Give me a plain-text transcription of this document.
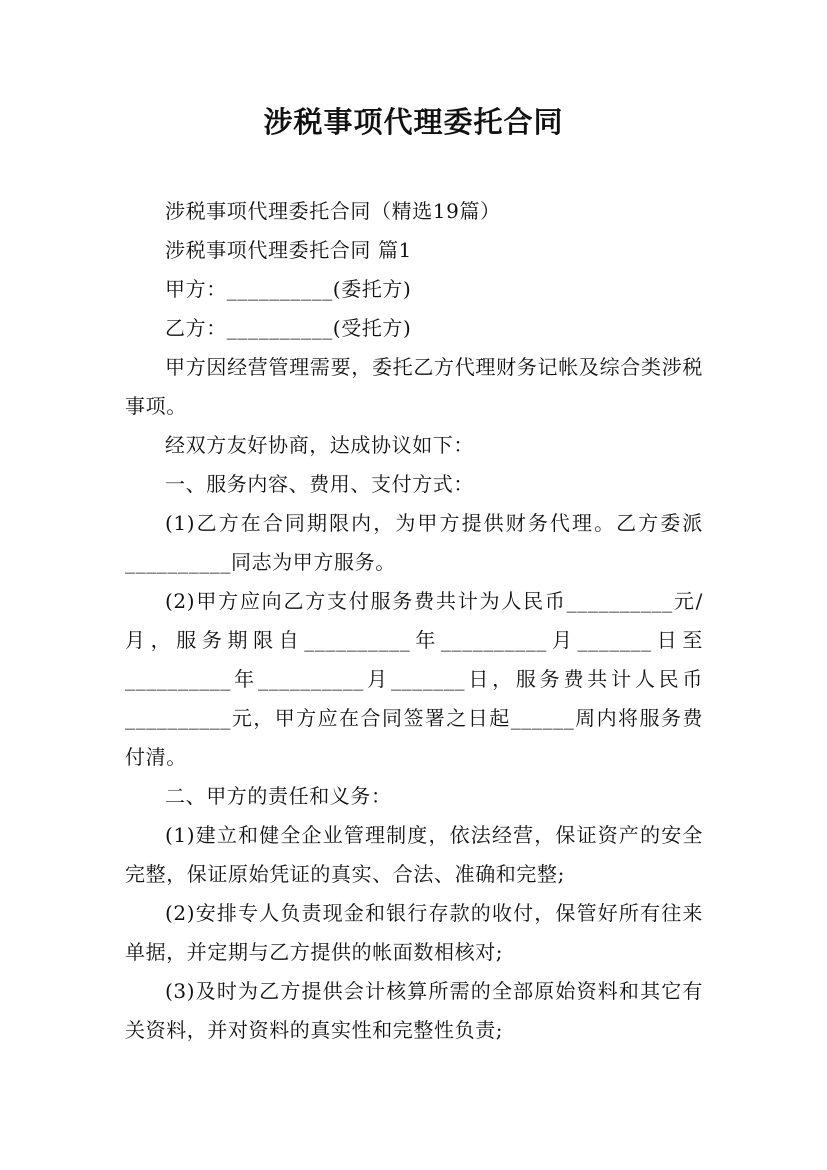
涉税事项代理委托合同

涉税事项代理委托合同（精选19篇）

涉税事项代理委托合同 篇1

甲方：__________(委托方)

乙方：__________(受托方)

甲方因经营管理需要，委托乙方代理财务记帐及综合类涉税事项。

经双方友好协商，达成协议如下：

一、服务内容、费用、支付方式：

(1)乙方在合同期限内，为甲方提供财务代理。乙方委派__________同志为甲方服务。

(2)甲方应向乙方支付服务费共计为人民币__________元/月，服务期限自__________年__________月_______日至__________年__________月_______日，服务费共计人民币__________元，甲方应在合同签署之日起______周内将服务费付清。

二、甲方的责任和义务：

(1)建立和健全企业管理制度，依法经营，保证资产的安全完整，保证原始凭证的真实、合法、准确和完整;

(2)安排专人负责现金和银行存款的收付，保管好所有往来单据，并定期与乙方提供的帐面数相核对;

(3)及时为乙方提供会计核算所需的全部原始资料和其它有关资料，并对资料的真实性和完整性负责;
